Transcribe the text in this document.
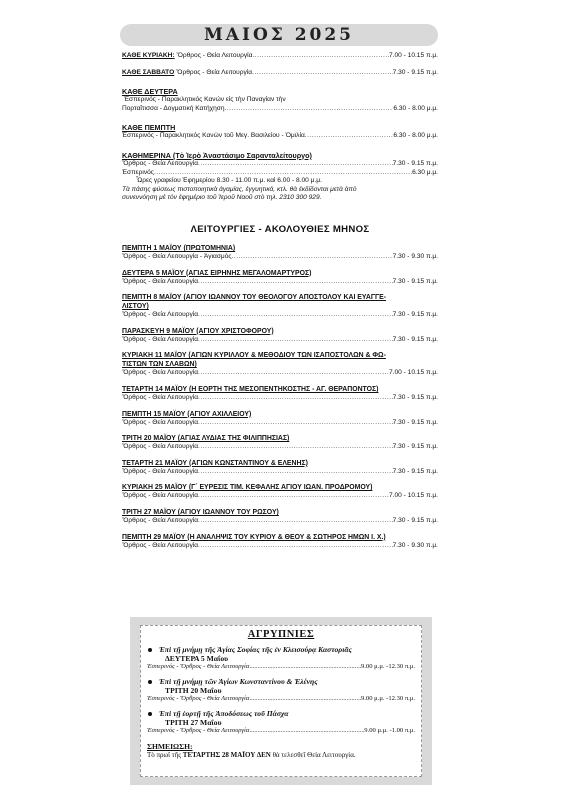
ΜΑΙΟΣ 2025
ΚΑΘΕ ΚΥΡΙΑΚΗ: Ὄρθρος - Θεία Λειτουργία .....	7.00 - 10.15 π.μ.
ΚΑΘΕ ΣΑΒΒΑΤΟ Ὄρθρος - Θεία Λειτουργία .....	7.30 - 9.15 π.μ.
ΚΑΘΕ ΔΕΥΤΕΡΑ
Ἑσπερινός - Παρακλητικός Κανών εἰς τὴν Παναγίαν τὴν
Πορταΐτισσα - Δογματική Κατήχηση .....	6.30 - 8.00 μ.μ.
ΚΑΘΕ ΠΕΜΠΤΗ
Ἑσπερινός - Παρακλητικός Κανὼν τοῦ Μεγ. Βασιλείου - Ὁμιλία .....	6.30 - 8.00 μ.μ.
ΚΑΘΗΜΕΡΙΝΑ (Τὸ Ἱερὸ Ἀναστάσιμο Σαρανταλείτουργο)
Ὄρθρος - Θεία Λειτουργία .....	7.30 - 9.15 π.μ.
Ἑσπερινός .....	6.30 μ.μ.
Ὧρες γραφείου Ἐφημερίου 8.30 - 11.00 π.μ. καὶ 6.00 - 8.00 μ.μ.
Τὰ πάσης φύσεως πιστοποιητικὰ ἀγαμίας, ἐγγυητικά, κτλ. θὰ ἐκδίδονται μετὰ ἀπὸ
συνεννόηση μὲ τὸν ἐφημέριο τοῦ Ἱεροῦ Ναοῦ στὸ τηλ. 2310 300 929.
ΛΕΙΤΟΥΡΓΙΕΣ - ΑΚΟΛΟΥΘΙΕΣ ΜΗΝΟΣ
ΠΕΜΠΤΗ 1 ΜΑΪΟΥ (ΠΡΩΤΟΜΗΝΙΑ)
Ὄρθρος - Θεία Λειτουργία - Ἁγιασμός .....	7.30 - 9.30 π.μ.
ΔΕΥΤΕΡΑ 5 ΜΑΪΟΥ (ΑΓΙΑΣ ΕΙΡΗΝΗΣ ΜΕΓΑΛΟΜΑΡΤΥΡΟΣ)
Ὄρθρος - Θεία Λειτουργία .....	7.30 - 9.15 π.μ.
ΠΕΜΠΤΗ 8 ΜΑΪΟΥ (ΑΓΙΟΥ ΙΩΑΝΝΟΥ ΤΟΥ ΘΕΟΛΟΓΟΥ ΑΠΟΣΤΟΛΟΥ ΚΑΙ ΕΥΑΓΓΕ-
ΛΙΣΤΟΥ)
Ὄρθρος - Θεία Λειτουργία .....	7.30 - 9.15 π.μ.
ΠΑΡΑΣΚΕΥΗ 9 ΜΑΪΟΥ (ΑΓΙΟΥ ΧΡΙΣΤΟΦΟΡΟΥ)
Ὄρθρος - Θεία Λειτουργία .....	7.30 - 9.15 π.μ.
ΚΥΡΙΑΚΗ 11 ΜΑΪΟΥ (ΑΓΙΩΝ ΚΥΡΙΛΛΟΥ & ΜΕΘΟΔΙΟΥ ΤΩΝ ΙΣΑΠΟΣΤΟΛΩΝ & ΦΩ-
ΤΙΣΤΩΝ ΤΩΝ ΣΛΑΒΩΝ)
Ὄρθρος - Θεία Λειτουργία .....	7.00 - 10.15 π.μ.
ΤΕΤΑΡΤΗ 14 ΜΑΪΟΥ (Η ΕΟΡΤΗ ΤΗΣ ΜΕΣΟΠΕΝΤΗΚΟΣΤΗΣ - ΑΓ. ΘΕΡΑΠΟΝΤΟΣ)
Ὄρθρος - Θεία Λειτουργία .....	7.30 - 9.15 π.μ.
ΠΕΜΠΤΗ 15 ΜΑΪΟΥ (ΑΓΙΟΥ ΑΧΙΛΛΕΙΟΥ)
Ὄρθρος - Θεία Λειτουργία .....	7.30 - 9.15 π.μ.
ΤΡΙΤΗ 20 ΜΑΪΟΥ (ΑΓΙΑΣ ΛΥΔΙΑΣ ΤΗΣ ΦΙΛΙΠΠΗΣΙΑΣ)
Ὄρθρος - Θεία Λειτουργία .....	7.30 - 9.15 π.μ.
ΤΕΤΑΡΤΗ 21 ΜΑΪΟΥ (ΑΓΙΩΝ ΚΩΝΣΤΑΝΤΙΝΟΥ & ΕΛΕΝΗΣ)
Ὄρθρος - Θεία Λειτουργία .....	7.30 - 9.15 π.μ.
ΚΥΡΙΑΚΗ 25 ΜΑΪΟΥ (Γ´ ΕΥΡΕΣΙΣ ΤΙΜ. ΚΕΦΑΛΗΣ ΑΓΙΟΥ ΙΩΑΝ. ΠΡΟΔΡΟΜΟΥ)
Ὄρθρος - Θεία Λειτουργία .....	7.00 - 10.15 π.μ.
ΤΡΙΤΗ 27 ΜΑΪΟΥ (ΑΓΙΟΥ ΙΩΑΝΝΟΥ ΤΟΥ ΡΩΣΟΥ)
Ὄρθρος - Θεία Λειτουργία .....	7.30 - 9.15 π.μ.
ΠΕΜΠΤΗ 29 ΜΑΪΟΥ (Η ΑΝΑΛΗΨΙΣ ΤΟΥ ΚΥΡΙΟΥ & ΘΕΟΥ & ΣΩΤΗΡΟΣ ΗΜΩΝ Ι. Χ.)
Ὄρθρος - Θεία Λειτουργία .....	7.30 - 9.30 π.μ.
ΑΓΡΥΠΝΙΕΣ
Ἐπὶ τῇ μνήμῃ τῆς Ἁγίας Σοφίας τῆς ἐν Κλεισούρᾳ Καστοριᾶς
ΔΕΥΤΕΡΑ 5 Μαΐου
Ἑσπερινός - Ὄρθρος - Θεία Λειτουργία .....	9.00 μ.μ. -12.30 π.μ.
Ἐπὶ τῇ μνήμῃ τῶν Ἁγίων Κωνσταντίνου & Ἑλένης
ΤΡΙΤΗ 20 Μαΐου
Ἑσπερινός - Ὄρθρος - Θεία Λειτουργία .....	9.00 μ.μ. -12.30 π.μ.
Ἐπὶ τῇ ἑορτῇ τῆς Ἀποδόσεως τοῦ Πάσχα
ΤΡΙΤΗ 27 Μαΐου
Ἑσπερινός - Ὄρθρος - Θεία Λειτουργία .....	9.00 μ.μ. -1.00 π.μ.
ΣΗΜΕΙΩΣΗ:
Τὸ πρωΐ τῆς ΤΕΤΑΡΤΗΣ 28 ΜΑΪΟΥ ΔΕΝ θὰ τελεσθεῖ Θεία Λειτουργία.
